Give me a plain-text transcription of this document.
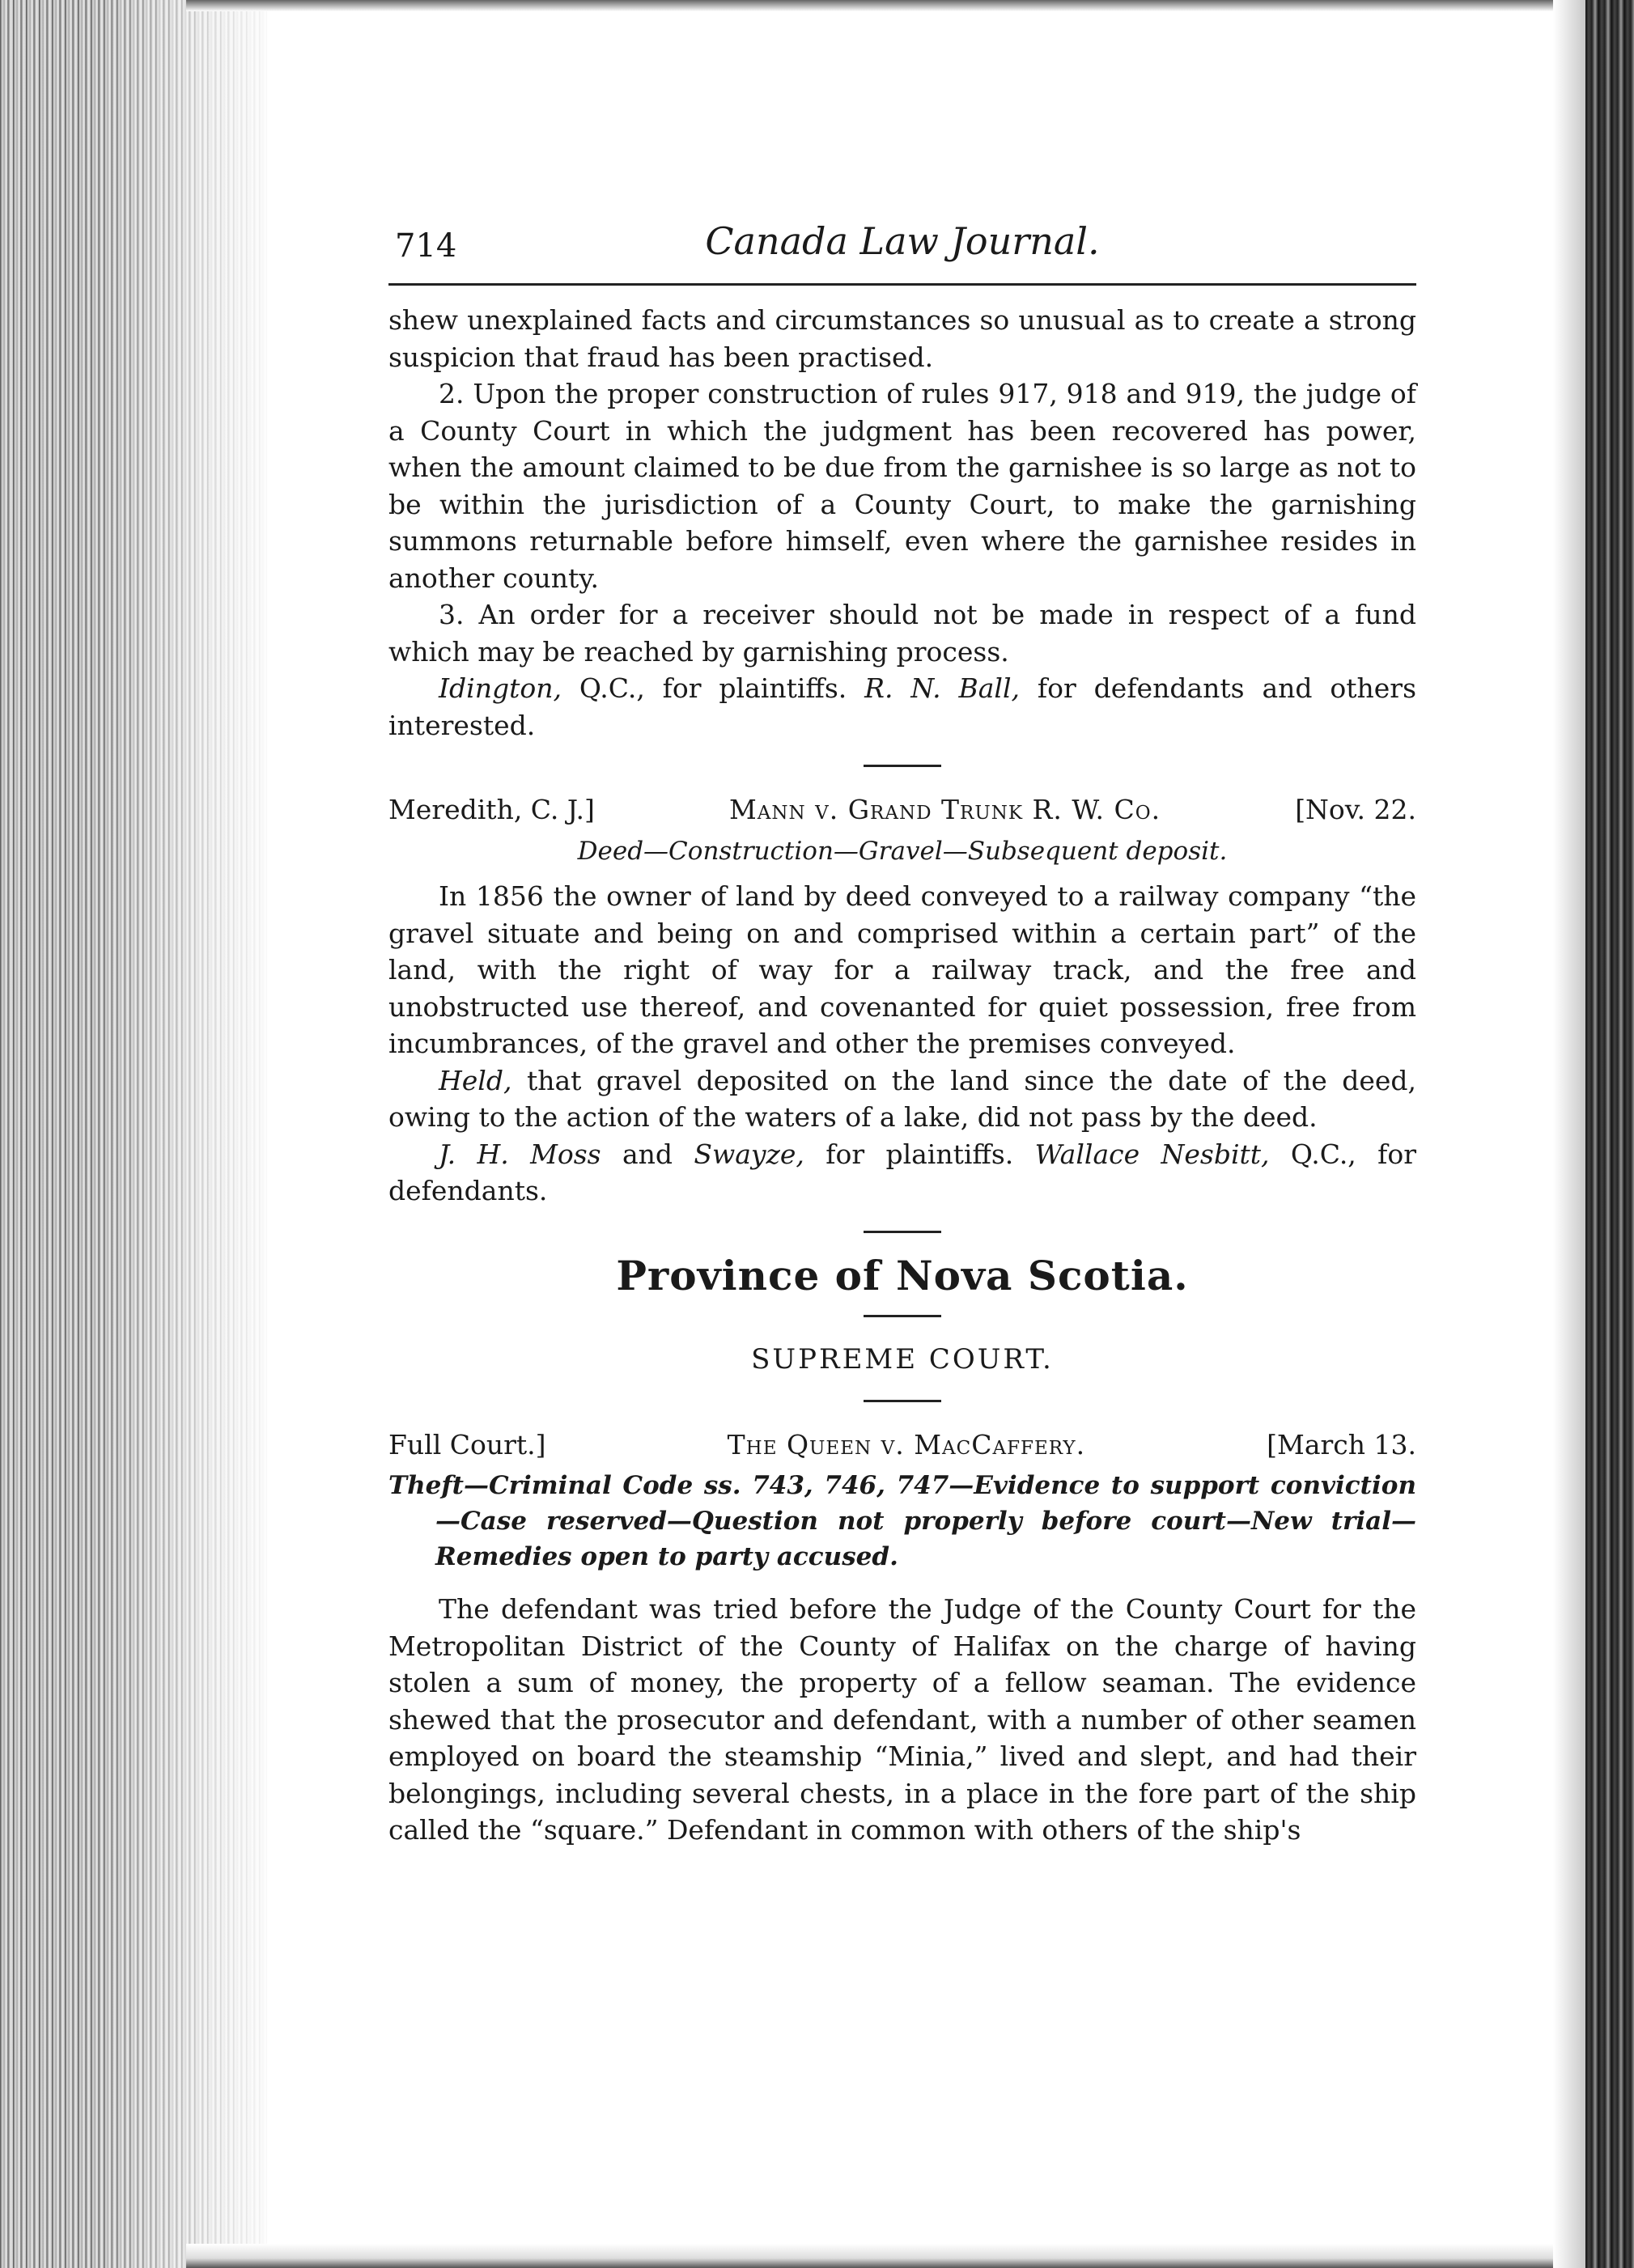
714	Canada Law Journal.

shew unexplained facts and circumstances so unusual as to create a strong suspicion that fraud has been practised.

2. Upon the proper construction of rules 917, 918 and 919, the judge of a County Court in which the judgment has been recovered has power, when the amount claimed to be due from the garnishee is so large as not to be within the jurisdiction of a County Court, to make the garnishing summons returnable before himself, even where the garnishee resides in another county.

3. An order for a receiver should not be made in respect of a fund which may be reached by garnishing process.

Idington, Q.C., for plaintiffs. R. N. Ball, for defendants and others interested.

Meredith, C. J.]	Mann v. Grand Trunk R. W. Co.	[Nov. 22.
Deed—Construction—Gravel—Subsequent deposit.

In 1856 the owner of land by deed conveyed to a railway company “the gravel situate and being on and comprised within a certain part” of the land, with the right of way for a railway track, and the free and unobstructed use thereof, and covenanted for quiet possession, free from incumbrances, of the gravel and other the premises conveyed.

Held, that gravel deposited on the land since the date of the deed, owing to the action of the waters of a lake, did not pass by the deed.

J. H. Moss and Swayze, for plaintiffs. Wallace Nesbitt, Q.C., for defendants.

Province of Nova Scotia.
SUPREME COURT.
Full Court.]	The Queen v. MacCaffery.	[March 13.
Theft—Criminal Code ss. 743, 746, 747—Evidence to support conviction—Case reserved—Question not properly before court—New trial—Remedies open to party accused.

The defendant was tried before the Judge of the County Court for the Metropolitan District of the County of Halifax on the charge of having stolen a sum of money, the property of a fellow seaman. The evidence shewed that the prosecutor and defendant, with a number of other seamen employed on board the steamship “Minia,” lived and slept, and had their belongings, including several chests, in a place in the fore part of the ship called the “square.” Defendant in common with others of the ship's
